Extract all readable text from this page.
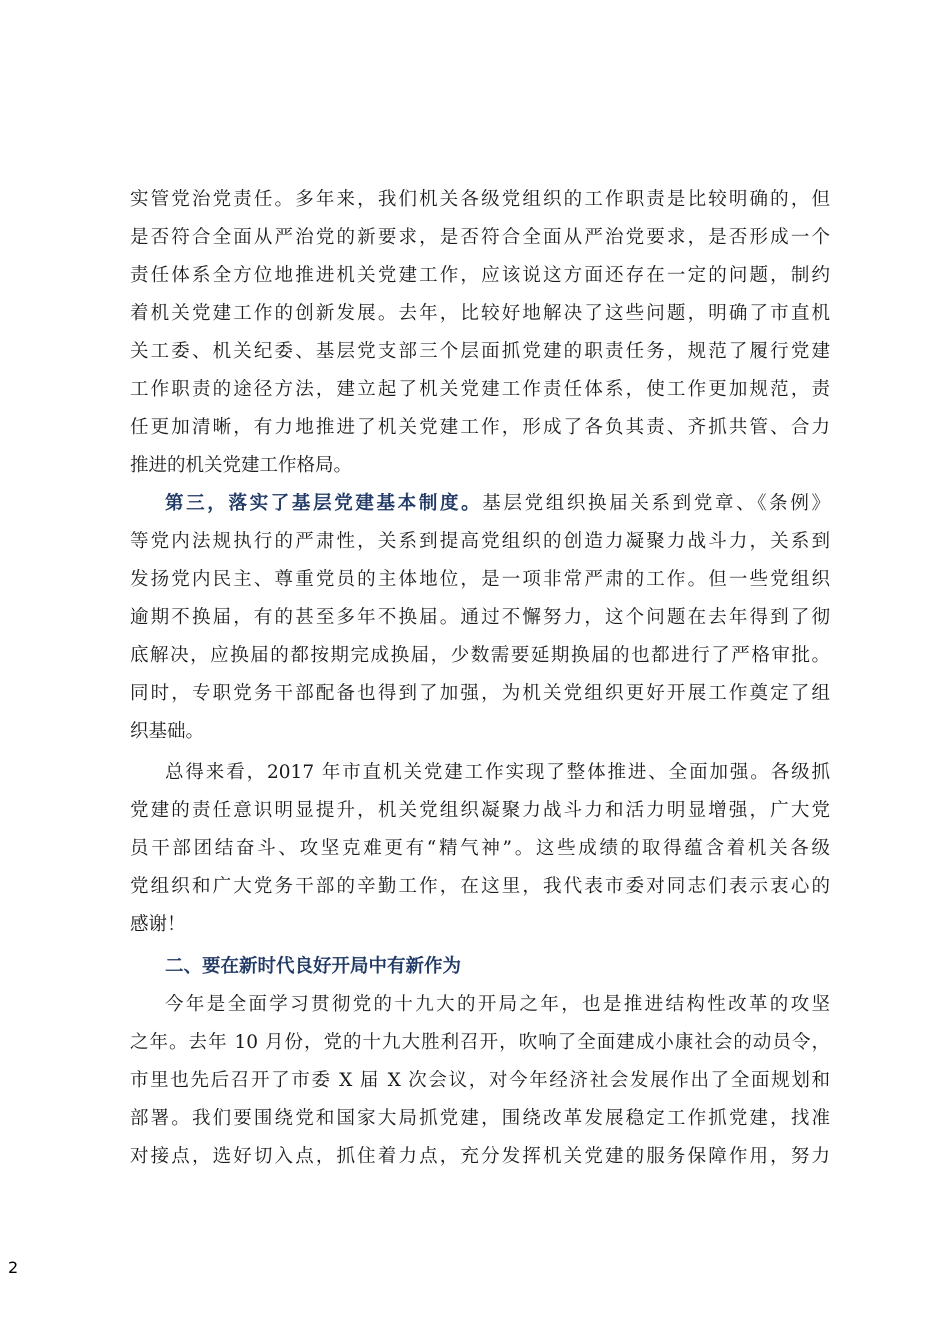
实管党治党责任。多年来，我们机关各级党组织的工作职责是比较明确的，但
是否符合全面从严治党的新要求，是否符合全面从严治党要求，是否形成一个
责任体系全方位地推进机关党建工作，应该说这方面还存在一定的问题，制约
着机关党建工作的创新发展。去年，比较好地解决了这些问题，明确了市直机
关工委、机关纪委、基层党支部三个层面抓党建的职责任务，规范了履行党建
工作职责的途径方法，建立起了机关党建工作责任体系，使工作更加规范，责
任更加清晰，有力地推进了机关党建工作，形成了各负其责、齐抓共管、合力
推进的机关党建工作格局。
第三，落实了基层党建基本制度。基层党组织换届关系到党章、《条例》
等党内法规执行的严肃性，关系到提高党组织的创造力凝聚力战斗力，关系到
发扬党内民主、尊重党员的主体地位，是一项非常严肃的工作。但一些党组织
逾期不换届，有的甚至多年不换届。通过不懈努力，这个问题在去年得到了彻
底解决，应换届的都按期完成换届，少数需要延期换届的也都进行了严格审批。
同时，专职党务干部配备也得到了加强，为机关党组织更好开展工作奠定了组
织基础。
总得来看，2017 年市直机关党建工作实现了整体推进、全面加强。各级抓
党建的责任意识明显提升，机关党组织凝聚力战斗力和活力明显增强，广大党
员干部团结奋斗、攻坚克难更有“精气神”。这些成绩的取得蕴含着机关各级
党组织和广大党务干部的辛勤工作，在这里，我代表市委对同志们表示衷心的
感谢！
二、要在新时代良好开局中有新作为
今年是全面学习贯彻党的十九大的开局之年，也是推进结构性改革的攻坚
之年。去年 10 月份，党的十九大胜利召开，吹响了全面建成小康社会的动员令，
市里也先后召开了市委 X 届 X 次会议，对今年经济社会发展作出了全面规划和
部署。我们要围绕党和国家大局抓党建，围绕改革发展稳定工作抓党建，找准
对接点，选好切入点，抓住着力点，充分发挥机关党建的服务保障作用，努力
2
